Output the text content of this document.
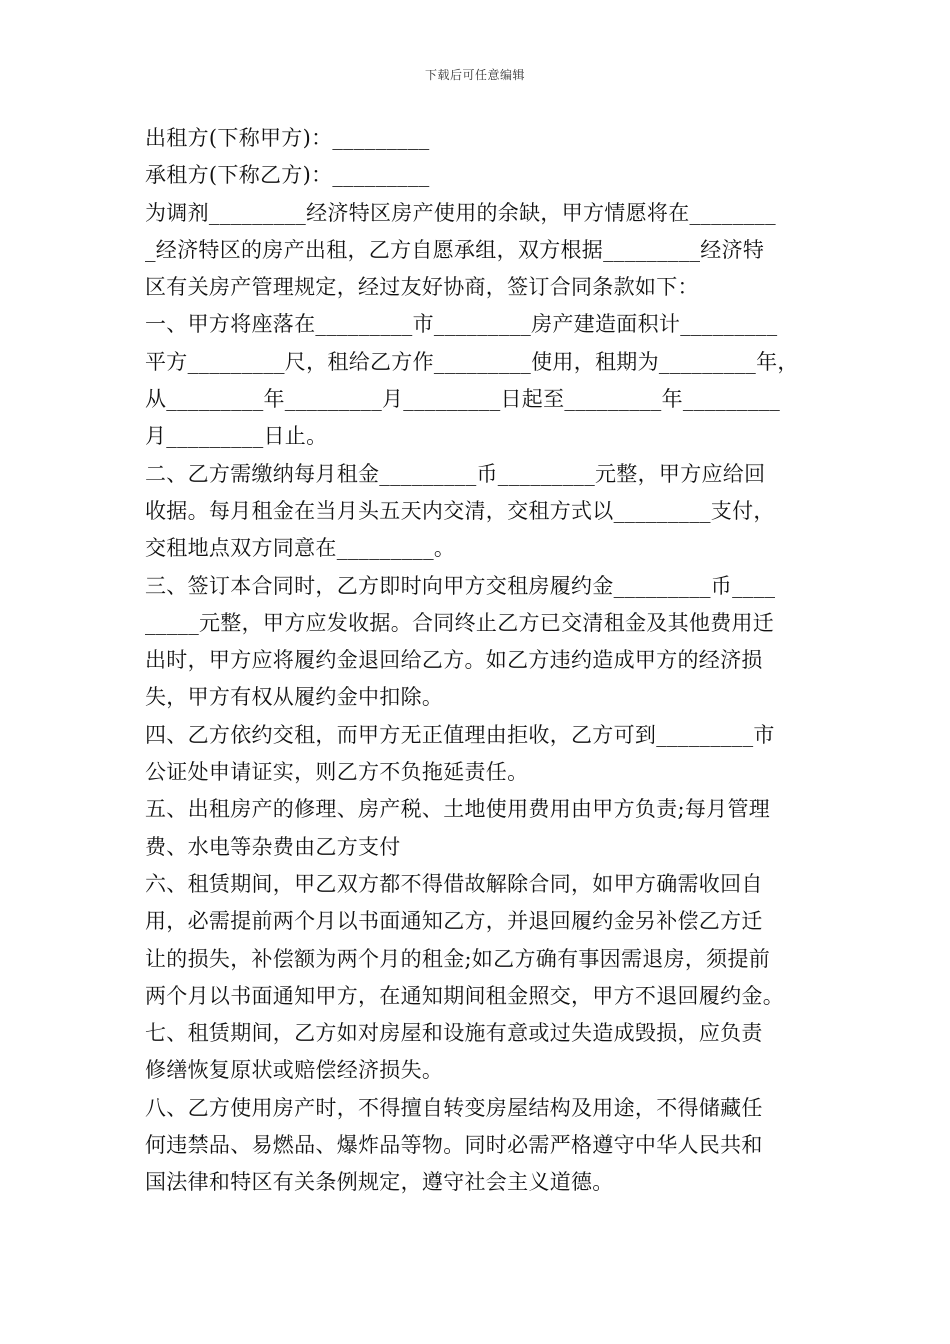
下载后可任意编辑
出租方(下称甲方)：_________
承租方(下称乙方)：_________
为调剂_________经济特区房产使用的余缺，甲方情愿将在________
_经济特区的房产出租，乙方自愿承组，双方根据_________经济特
区有关房产管理规定，经过友好协商，签订合同条款如下：
一、甲方将座落在_________市_________房产建造面积计_________
平方_________尺，租给乙方作_________使用，租期为_________年，
从_________年_________月_________日起至_________年_________
月_________日止。
二、乙方需缴纳每月租金_________币_________元整，甲方应给回
收据。每月租金在当月头五天内交清，交租方式以_________支付，
交租地点双方同意在_________。
三、签订本合同时，乙方即时向甲方交租房履约金_________币____
_____元整，甲方应发收据。合同终止乙方已交清租金及其他费用迁
出时，甲方应将履约金退回给乙方。如乙方违约造成甲方的经济损
失，甲方有权从履约金中扣除。
四、乙方依约交租，而甲方无正值理由拒收，乙方可到_________市
公证处申请证实，则乙方不负拖延责任。
五、出租房产的修理、房产税、土地使用费用由甲方负责;每月管理
费、水电等杂费由乙方支付
六、租赁期间，甲乙双方都不得借故解除合同，如甲方确需收回自
用，必需提前两个月以书面通知乙方，并退回履约金另补偿乙方迁
让的损失，补偿额为两个月的租金;如乙方确有事因需退房，须提前
两个月以书面通知甲方，在通知期间租金照交，甲方不退回履约金。
七、租赁期间，乙方如对房屋和设施有意或过失造成毁损，应负责
修缮恢复原状或赔偿经济损失。
八、乙方使用房产时，不得擅自转变房屋结构及用途，不得储藏任
何违禁品、易燃品、爆炸品等物。同时必需严格遵守中华人民共和
国法律和特区有关条例规定，遵守社会主义道德。
